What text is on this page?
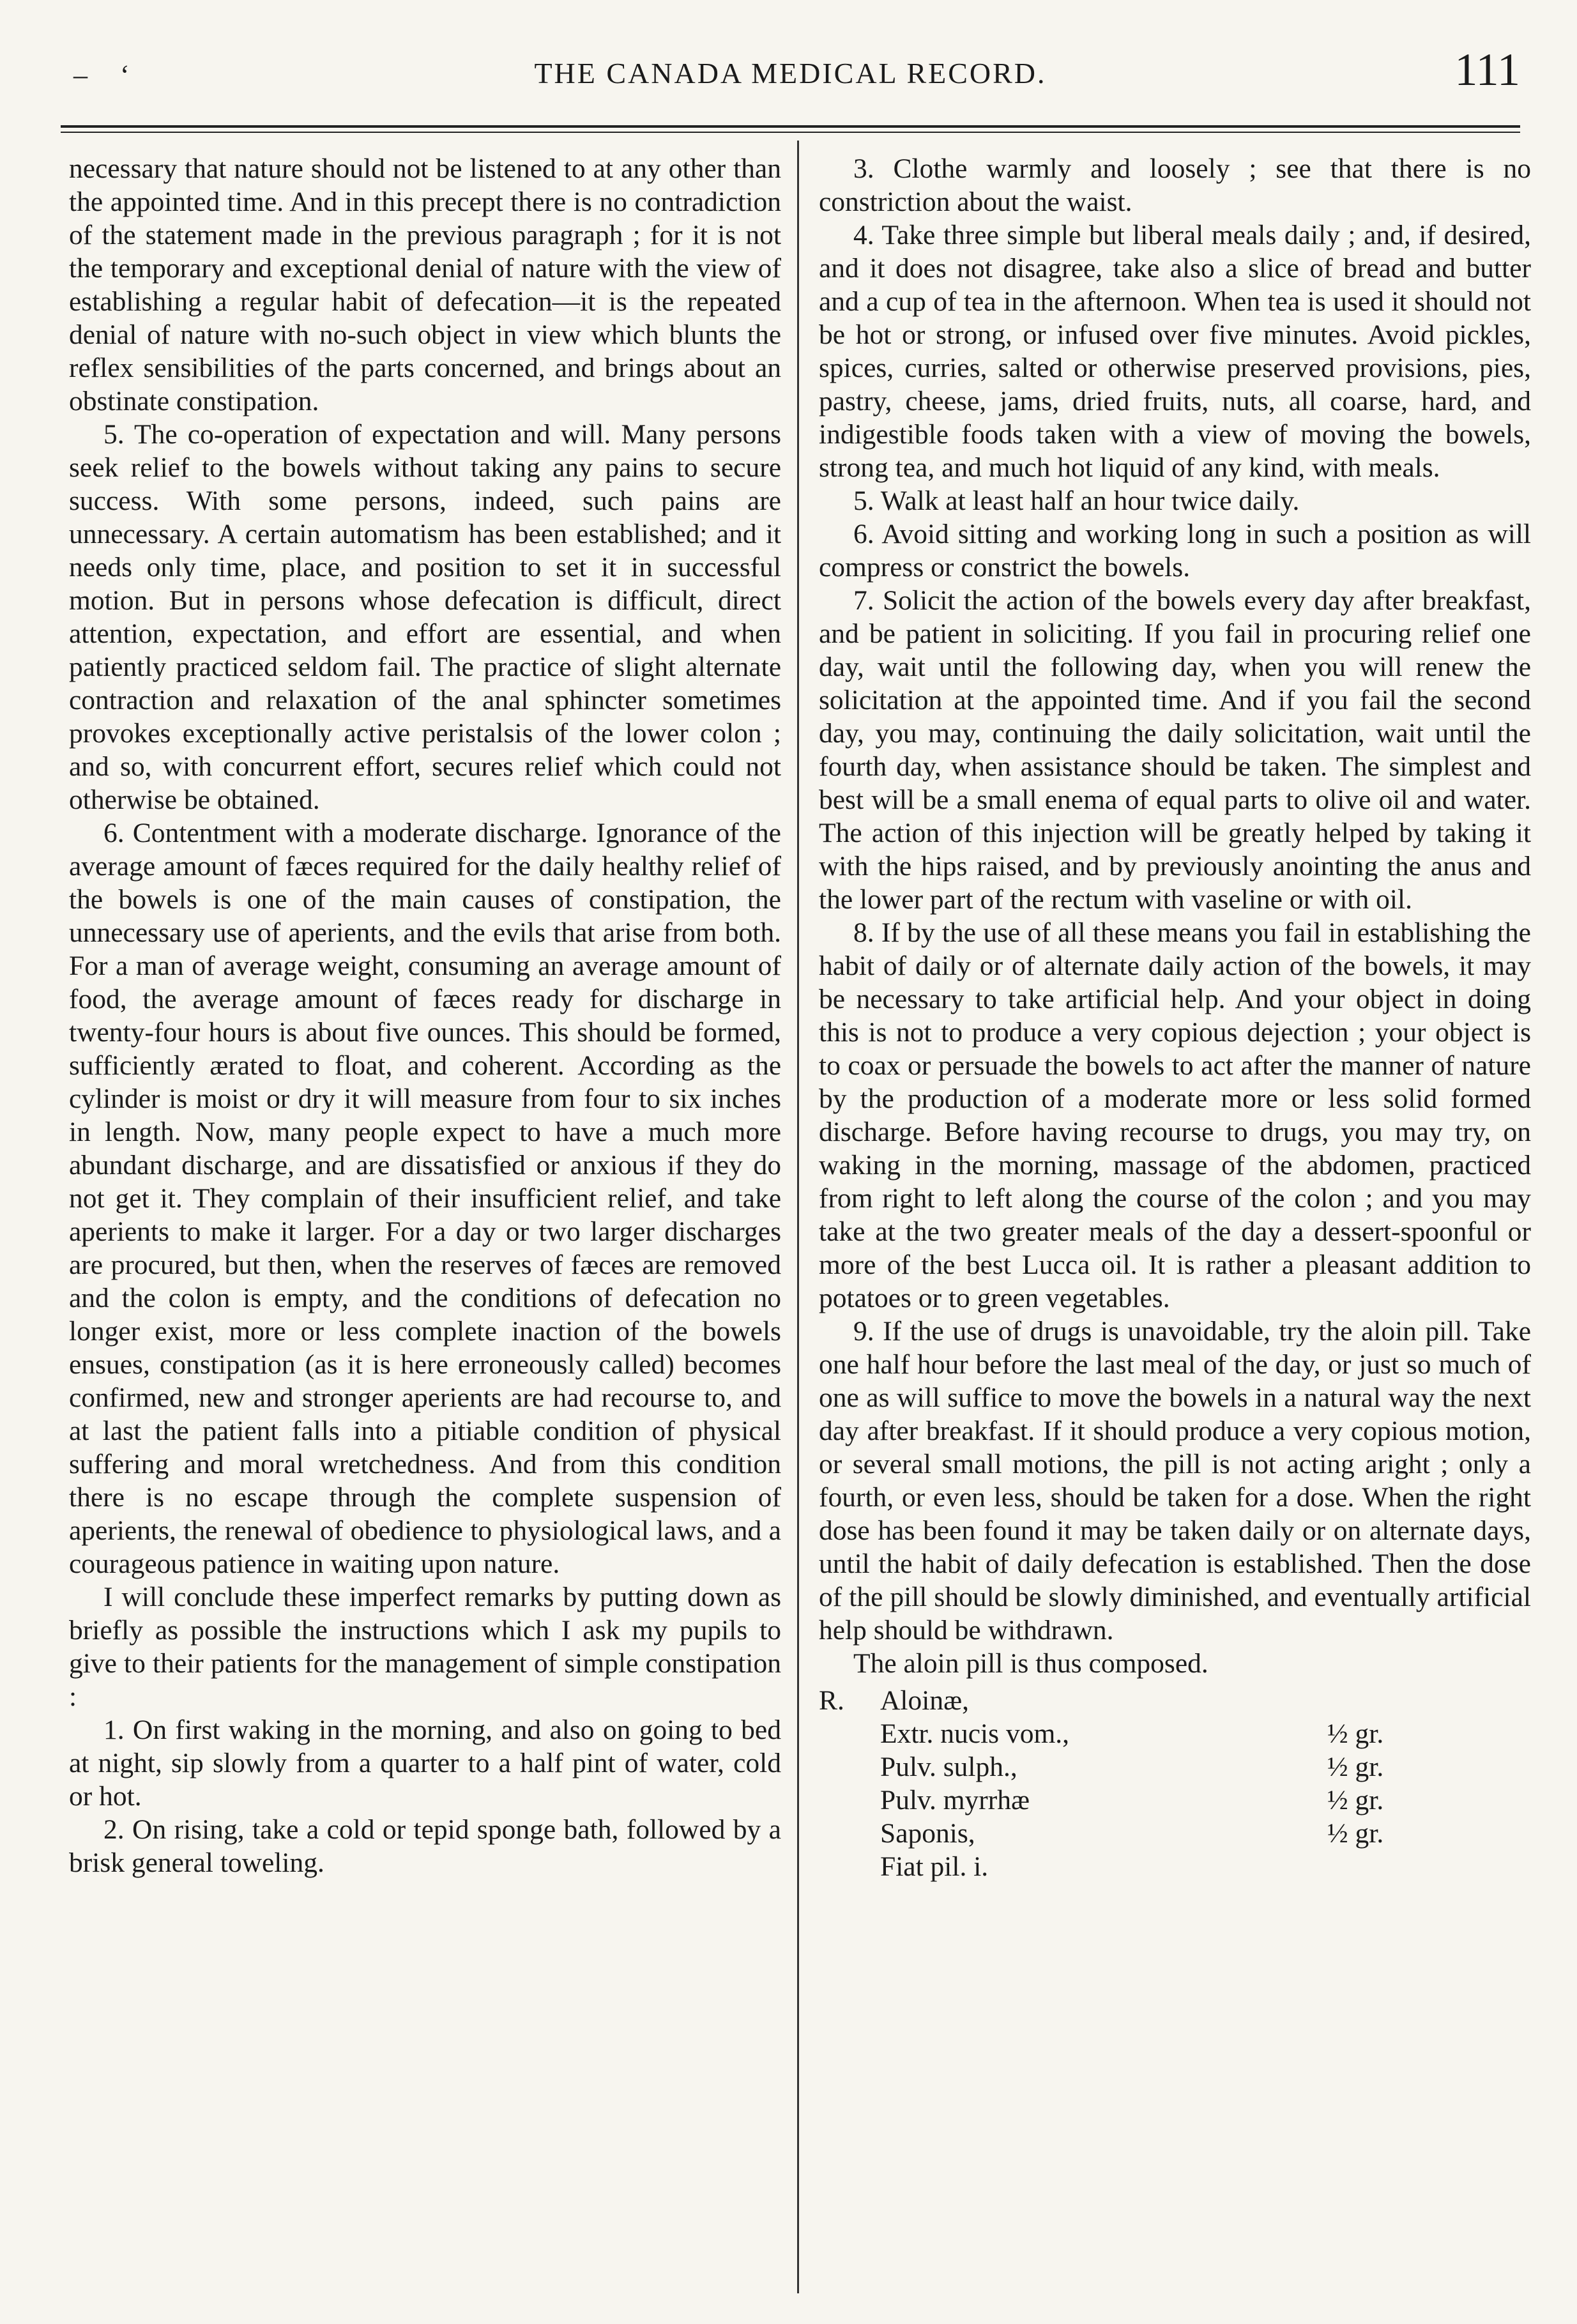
– ‘	THE CANADA MEDICAL RECORD.	111

necessary that nature should not be listened to at any other than the appointed time. And in this precept there is no contradiction of the statement made in the previous paragraph ; for it is not the temporary and exceptional denial of nature with the view of establishing a regular habit of defecation—it is the repeated denial of nature with no-such object in view which blunts the reflex sensibilities of the parts concerned, and brings about an obstinate constipation.

5. The co-operation of expectation and will. Many persons seek relief to the bowels without taking any pains to secure success. With some persons, indeed, such pains are unnecessary. A certain automatism has been established; and it needs only time, place, and position to set it in successful motion. But in persons whose defecation is difficult, direct attention, expectation, and effort are essential, and when patiently practiced seldom fail. The practice of slight alternate contraction and relaxation of the anal sphincter sometimes provokes exceptionally active peristalsis of the lower colon ; and so, with concurrent effort, secures relief which could not otherwise be obtained.

6. Contentment with a moderate discharge. Ignorance of the average amount of fæces required for the daily healthy relief of the bowels is one of the main causes of constipation, the unnecessary use of aperients, and the evils that arise from both. For a man of average weight, consuming an average amount of food, the average amount of fæces ready for discharge in twenty-four hours is about five ounces. This should be formed, sufficiently ærated to float, and coherent. According as the cylinder is moist or dry it will measure from four to six inches in length. Now, many people expect to have a much more abundant discharge, and are dissatisfied or anxious if they do not get it. They complain of their insufficient relief, and take aperients to make it larger. For a day or two larger discharges are procured, but then, when the reserves of fæces are removed and the colon is empty, and the conditions of defecation no longer exist, more or less complete inaction of the bowels ensues, constipation (as it is here erroneously called) becomes confirmed, new and stronger aperients are had recourse to, and at last the patient falls into a pitiable condition of physical suffering and moral wretchedness. And from this condition there is no escape through the complete suspension of aperients, the renewal of obedience to physiological laws, and a courageous patience in waiting upon nature.

I will conclude these imperfect remarks by putting down as briefly as possible the instructions which I ask my pupils to give to their patients for the management of simple constipation :

1. On first waking in the morning, and also on going to bed at night, sip slowly from a quarter to a half pint of water, cold or hot.

2. On rising, take a cold or tepid sponge bath, followed by a brisk general toweling.

3. Clothe warmly and loosely ; see that there is no constriction about the waist.

4. Take three simple but liberal meals daily ; and, if desired, and it does not disagree, take also a slice of bread and butter and a cup of tea in the afternoon. When tea is used it should not be hot or strong, or infused over five minutes. Avoid pickles, spices, curries, salted or otherwise preserved provisions, pies, pastry, cheese, jams, dried fruits, nuts, all coarse, hard, and indigestible foods taken with a view of moving the bowels, strong tea, and much hot liquid of any kind, with meals.

5. Walk at least half an hour twice daily.

6. Avoid sitting and working long in such a position as will compress or constrict the bowels.

7. Solicit the action of the bowels every day after breakfast, and be patient in soliciting. If you fail in procuring relief one day, wait until the following day, when you will renew the solicitation at the appointed time. And if you fail the second day, you may, continuing the daily solicitation, wait until the fourth day, when assistance should be taken. The simplest and best will be a small enema of equal parts to olive oil and water. The action of this injection will be greatly helped by taking it with the hips raised, and by previously anointing the anus and the lower part of the rectum with vaseline or with oil.

8. If by the use of all these means you fail in establishing the habit of daily or of alternate daily action of the bowels, it may be necessary to take artificial help. And your object in doing this is not to produce a very copious dejection ; your object is to coax or persuade the bowels to act after the manner of nature by the production of a moderate more or less solid formed discharge. Before having recourse to drugs, you may try, on waking in the morning, massage of the abdomen, practiced from right to left along the course of the colon ; and you may take at the two greater meals of the day a dessert-spoonful or more of the best Lucca oil. It is rather a pleasant addition to potatoes or to green vegetables.

9. If the use of drugs is unavoidable, try the aloin pill. Take one half hour before the last meal of the day, or just so much of one as will suffice to move the bowels in a natural way the next day after breakfast. If it should produce a very copious motion, or several small motions, the pill is not acting aright ; only a fourth, or even less, should be taken for a dose. When the right dose has been found it may be taken daily or on alternate days, until the habit of daily defecation is established. Then the dose of the pill should be slowly diminished, and eventually artificial help should be withdrawn.

The aloin pill is thus composed.

R.	Aloinæ,
Extr. nucis vom.,	½ gr.
Pulv. sulph.,	½ gr.
Pulv. myrrhæ	½ gr.
Saponis,	½ gr.
Fiat pil. i.
